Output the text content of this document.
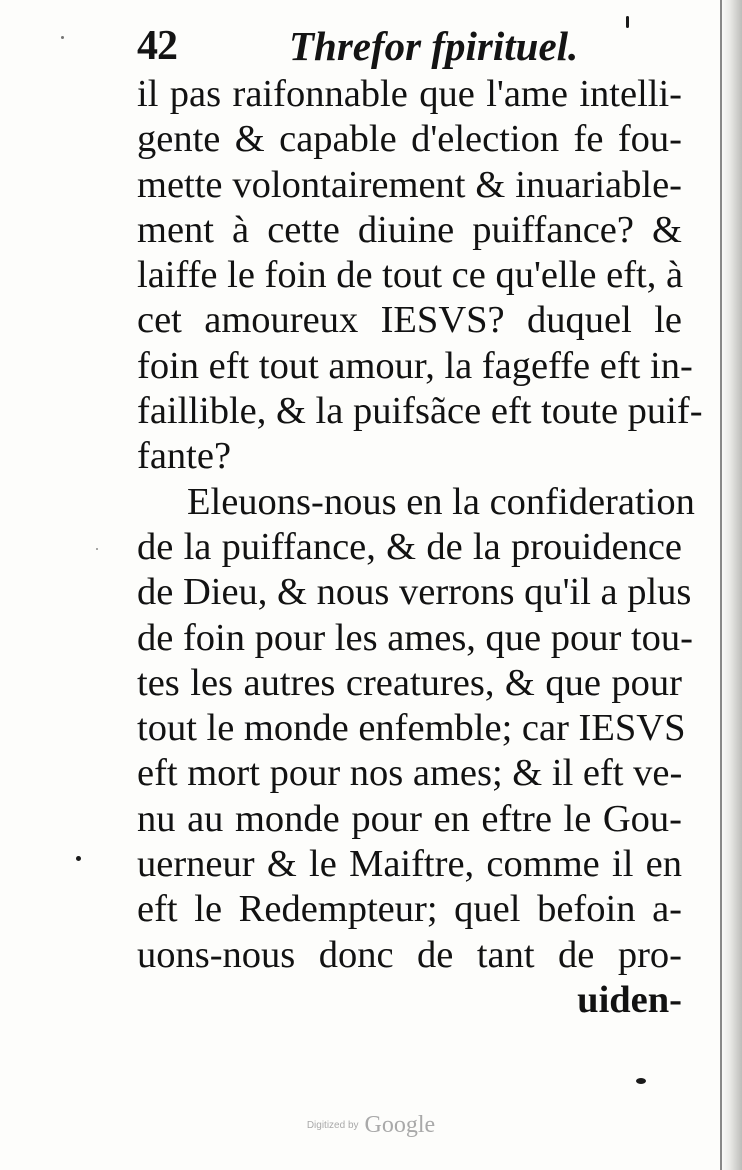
42	Threfor fpirituel.
il pas raifonnable que l'ame intelli-
gente & capable d'election fe fou-
mette volontairement & inuariable-
ment à cette diuine puiffance? &
laiffe le foin de tout ce qu'elle eft, à
cet amoureux IESVS? duquel le
foin eft tout amour, la fageffe eft in-
faillible, & la puifsãce eft toute puif-
fante?
Eleuons-nous en la confideration
de la puiffance, & de la prouidence
de Dieu, & nous verrons qu'il a plus
de foin pour les ames, que pour tou-
tes les autres creatures, & que pour
tout le monde enfemble; car IESVS
eft mort pour nos ames; & il eft ve-
nu au monde pour en eftre le Gou-
uerneur & le Maiftre, comme il en
eft le Redempteur; quel befoin a-
uons-nous donc de tant de pro-
uiden-
Digitized by Google
